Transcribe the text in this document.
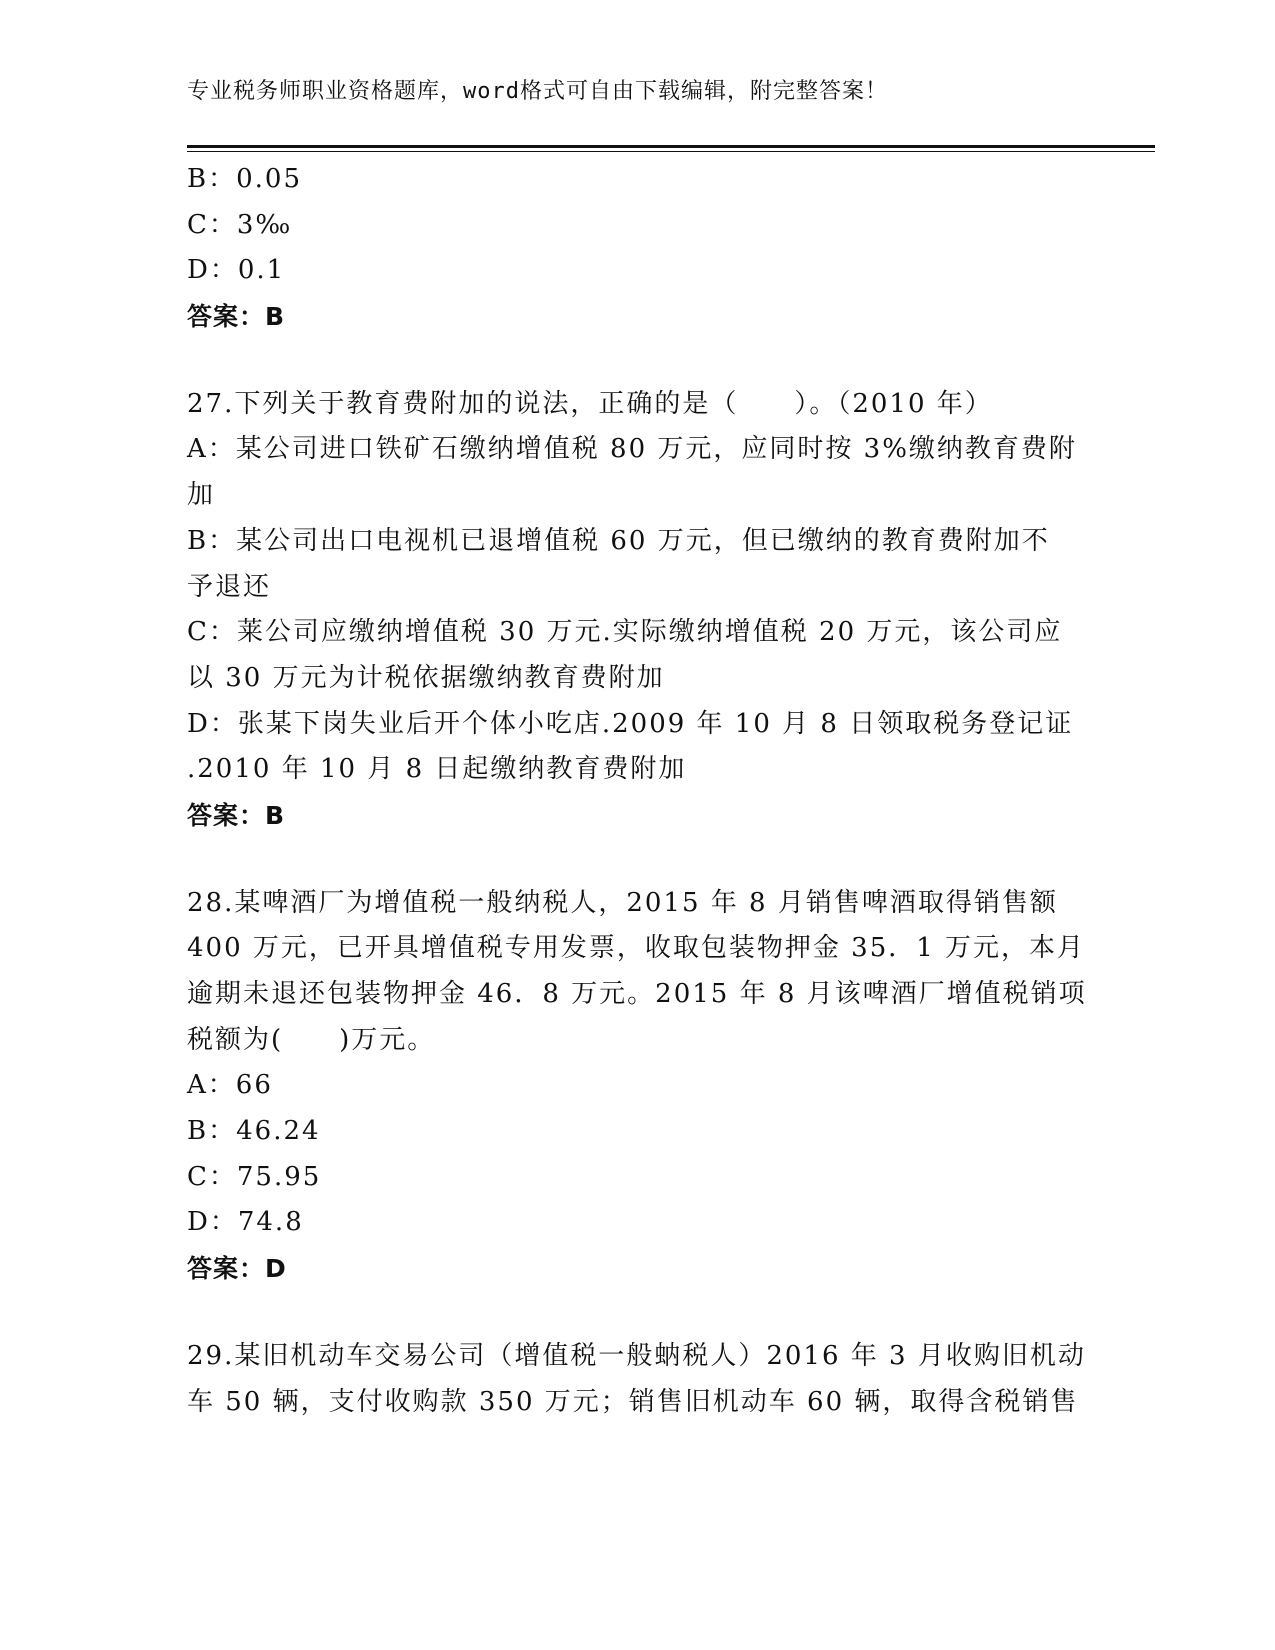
专业税务师职业资格题库，word格式可自由下载编辑，附完整答案！
B：0.05
C：3‰
D：0.1
答案：B
27.下列关于教育费附加的说法，正确的是（　　）。（2010 年）
A：某公司进口铁矿石缴纳增值税 80 万元，应同时按 3%缴纳教育费附
加
B：某公司出口电视机已退增值税 60 万元，但已缴纳的教育费附加不
予退还
C：莱公司应缴纳增值税 30 万元.实际缴纳增值税 20 万元，该公司应
以 30 万元为计税依据缴纳教育费附加
D：张某下岗失业后开个体小吃店.2009 年 10 月 8 日领取税务登记证
.2010 年 10 月 8 日起缴纳教育费附加
答案：B
28.某啤酒厂为增值税一般纳税人，2015 年 8 月销售啤酒取得销售额
400 万元，已开具增值税专用发票，收取包装物押金 35．1 万元，本月
逾期未退还包装物押金 46．8 万元。2015 年 8 月该啤酒厂增值税销项
税额为(　　)万元。
A：66
B：46.24
C：75.95
D：74.8
答案：D
29.某旧机动车交易公司（增值税一般蚋税人）2016 年 3 月收购旧机动
车 50 辆，支付收购款 350 万元；销售旧机动车 60 辆，取得含税销售
